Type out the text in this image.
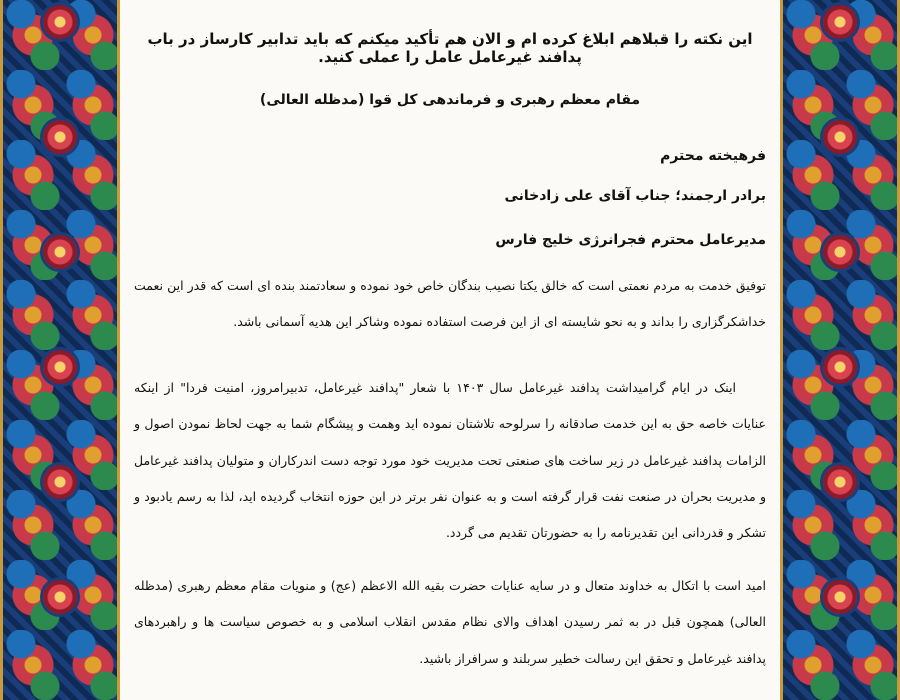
این نکته را قبلاهم ابلاغ کرده ام و الان هم تأکید میکنم که باید تدابیر کارساز در باب پدافند غیرعامل عامل را عملی کنید.
مقام معظم رهبری و فرماندهی کل قوا (مدظله العالی)
فرهیخته محترم
برادر ارجمند؛ جناب آقای علی زادخانی
مدیرعامل محترم فجرانرژی خلیج فارس
توفیق خدمت به مردم نعمتی است که خالق یکتا نصیب بندگان خاص خود نموده و سعادتمند بنده ای است که قدر این نعمت خداشکرگزاری را بداند و به نحو شایسته ای از این فرصت استفاده نموده وشاکر این هدیه آسمانی باشد.
اینک در ایام گرامیداشت پدافند غیرعامل سال ۱۴۰۳ با شعار "پدافند غیرعامل، تدبیرامروز، امنیت فردا" از اینکه عنایات خاصه حق به این خدمت صادقانه را سرلوحه تلاشتان نموده اید وهمت و پیشگام شما به جهت لحاظ نمودن اصول و الزامات پدافند غیرعامل در زیر ساخت های صنعتی تحت مدیریت خود مورد توجه دست اندرکاران و متولیان پدافند غیرعامل و مدیریت بحران در صنعت نفت قرار گرفته است و به عنوان نفر برتر در این حوزه انتخاب گردیده اید، لذا به رسم یادبود و تشکر و قدردانی این تقدیرنامه را به حضورتان تقدیم می گردد.
امید است با اتکال به خداوند متعال و در سایه عنایات حضرت بقیه الله الاعظم (عج) و منویات مقام معظم رهبری (مدظله العالی) همچون قبل در به ثمر رسیدن اهداف والای نظام مقدس انقلاب اسلامی و به خصوص سیاست ها و راهبردهای پدافند غیرعامل و تحقق این رسالت خطیر سربلند و سرافراز باشید.
